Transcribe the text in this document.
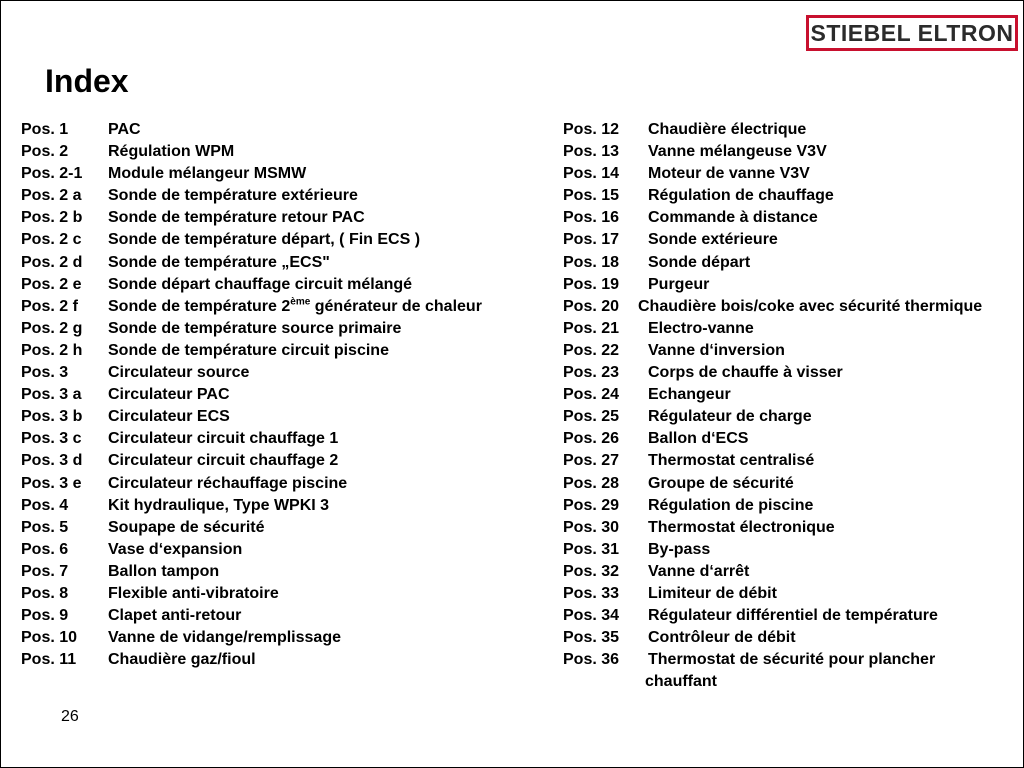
STIEBEL ELTRON
Index
Pos. 1	PAC
Pos. 2	Régulation WPM
Pos. 2-1	Module mélangeur MSMW
Pos. 2 a	Sonde de température extérieure
Pos. 2 b	Sonde de température retour PAC
Pos. 2 c	Sonde de température départ, ( Fin ECS )
Pos. 2 d	Sonde de température „ECS"
Pos. 2 e	Sonde départ chauffage circuit mélangé
Pos. 2 f	Sonde de température 2ème générateur de chaleur
Pos. 2 g	Sonde de température source primaire
Pos. 2 h	Sonde de température circuit piscine
Pos. 3	Circulateur source
Pos. 3 a	Circulateur PAC
Pos. 3 b	Circulateur ECS
Pos. 3 c	Circulateur circuit chauffage 1
Pos. 3 d	Circulateur circuit chauffage 2
Pos. 3 e	Circulateur réchauffage piscine
Pos. 4	Kit hydraulique, Type WPKI 3
Pos. 5	Soupape de sécurité
Pos. 6	Vase d‘expansion
Pos. 7	Ballon tampon
Pos. 8	Flexible anti-vibratoire
Pos. 9	Clapet anti-retour
Pos. 10	Vanne de vidange/remplissage
Pos. 11	Chaudière gaz/fioul
Pos. 12	Chaudière électrique
Pos. 13	Vanne mélangeuse V3V
Pos. 14	Moteur de vanne V3V
Pos. 15	Régulation de chauffage
Pos. 16	Commande à distance
Pos. 17	Sonde extérieure
Pos. 18	Sonde départ
Pos. 19	Purgeur
Pos. 20	Chaudière bois/coke avec sécurité thermique
Pos. 21	Electro-vanne
Pos. 22	Vanne d‘inversion
Pos. 23	Corps de chauffe à visser
Pos. 24	Echangeur
Pos. 25	Régulateur de charge
Pos. 26	Ballon d‘ECS
Pos. 27	Thermostat centralisé
Pos. 28	Groupe de sécurité
Pos. 29	Régulation de piscine
Pos. 30	Thermostat électronique
Pos. 31	By-pass
Pos. 32	Vanne d‘arrêt
Pos. 33	Limiteur de débit
Pos. 34	Régulateur différentiel de température
Pos. 35	Contrôleur de débit
Pos. 36	Thermostat de sécurité pour plancher
chauffant
26
